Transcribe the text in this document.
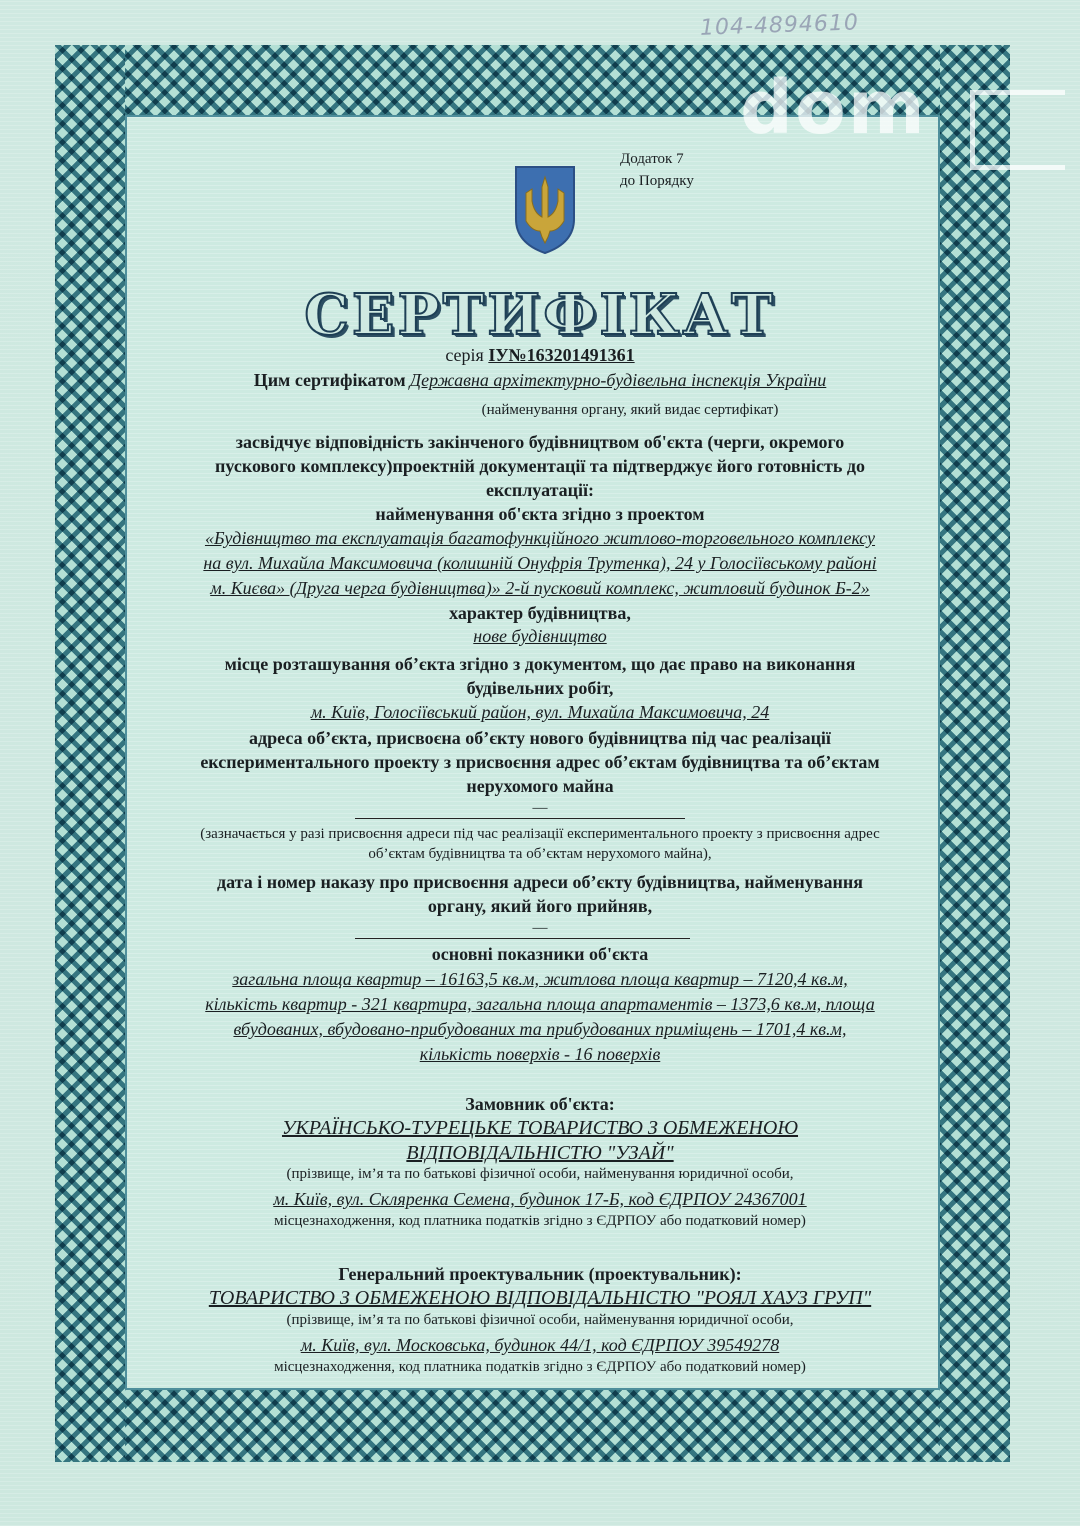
104-4894610
dom
Додаток 7
до Порядку
СЕРТИФІКАТ
серія ІУ№163201491361
Цим сертифікатом Державна архітектурно-будівельна інспекція України
(найменування органу, який видає сертифікат)
засвідчує відповідність закінченого будівництвом об'єкта (черги, окремого
пускового комплексу)проектній документації та підтверджує його готовність до
експлуатації:
найменування об'єкта згідно з проектом
«Будівництво та експлуатація багатофункційного житлово-торговельного комплексу
на вул. Михайла Максимовича (колишній Онуфрія Трутенка), 24 у Голосіївському районі
м. Києва» (Друга черга будівництва)» 2-й пусковий комплекс, житловий будинок Б-2»
характер будівництва,
нове будівництво
місце розташування об’єкта згідно з документом, що дає право на виконання
будівельних робіт,
м. Київ, Голосіївський район, вул. Михайла Максимовича, 24
адреса об’єкта, присвоєна об’єкту нового будівництва під час реалізації
експериментального проекту з присвоєння адрес об’єктам будівництва та об’єктам
нерухомого майна
—
(зазначається у разі присвоєння адреси під час реалізації експериментального проекту з присвоєння адрес
об’єктам будівництва та об’єктам нерухомого майна),
дата і номер наказу про присвоєння адреси об’єкту будівництва, найменування
органу, який його прийняв,
—
основні показники об'єкта
загальна площа квартир – 16163,5 кв.м, житлова площа квартир – 7120,4 кв.м,
кількість квартир - 321 квартира, загальна площа апартаментів – 1373,6 кв.м, площа
вбудованих, вбудовано-прибудованих та прибудованих приміщень – 1701,4 кв.м,
кількість поверхів - 16 поверхів
Замовник об'єкта:
УКРАЇНСЬКО-ТУРЕЦЬКЕ ТОВАРИСТВО З ОБМЕЖЕНОЮ
ВІДПОВІДАЛЬНІСТЮ "УЗАЙ"
(прізвище, ім’я та по батькові фізичної особи, найменування юридичної особи,
м. Київ, вул. Скляренка Семена, будинок 17-Б, код ЄДРПОУ 24367001
місцезнаходження, код платника податків згідно з ЄДРПОУ або податковий номер)
Генеральний проектувальник (проектувальник):
ТОВАРИСТВО З ОБМЕЖЕНОЮ ВІДПОВІДАЛЬНІСТЮ "РОЯЛ ХАУЗ ГРУП"
(прізвище, ім’я та по батькові фізичної особи, найменування юридичної особи,
м. Київ, вул. Московська, будинок 44/1, код ЄДРПОУ 39549278
місцезнаходження, код платника податків згідно з ЄДРПОУ або податковий номер)
